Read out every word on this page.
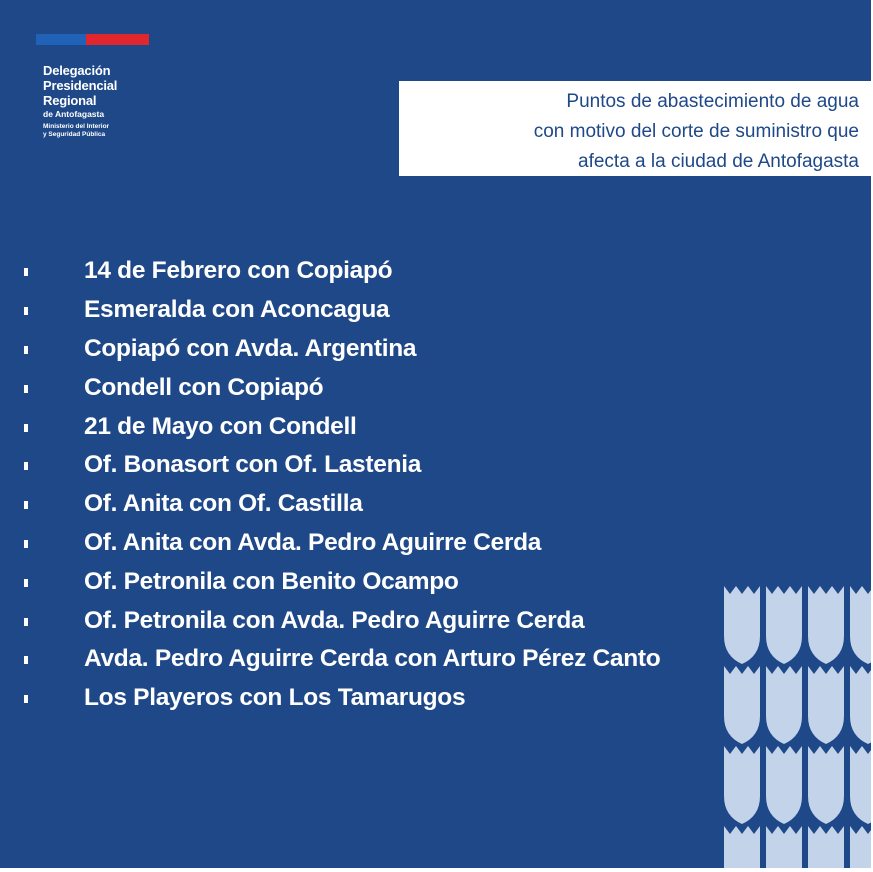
Delegación
Presidencial
Regional
de Antofagasta
Ministerio del Interior
y Seguridad Pública
Puntos de abastecimiento de agua
con motivo del corte de suministro que
afecta a la ciudad de Antofagasta
14 de Febrero con Copiapó
Esmeralda con Aconcagua
Copiapó con Avda. Argentina
Condell con Copiapó
21 de Mayo con Condell
Of. Bonasort con Of. Lastenia
Of. Anita con Of. Castilla
Of. Anita con Avda. Pedro Aguirre Cerda
Of. Petronila con Benito Ocampo
Of. Petronila con Avda. Pedro Aguirre Cerda
Avda. Pedro Aguirre Cerda con Arturo Pérez Canto
Los Playeros con Los Tamarugos
